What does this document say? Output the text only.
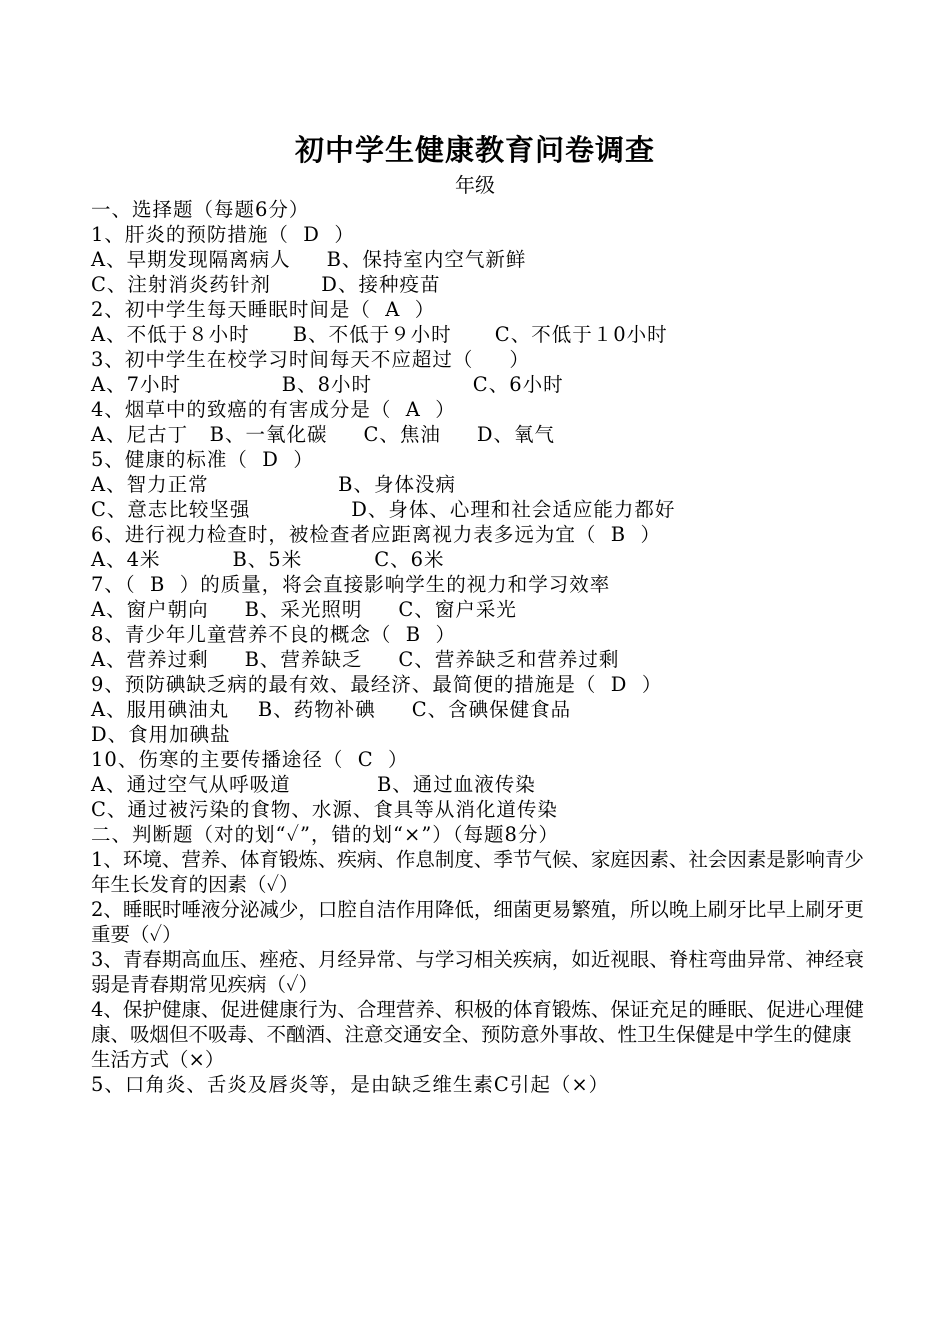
初中学生健康教育问卷调查
年级
一、选择题（每题6分）
1、肝炎的预防措施（  D  ）
A、早期发现隔离病人     B、保持室内空气新鲜
C、注射消炎药针剂       D、接种疫苗
2、初中学生每天睡眠时间是（  A  ）
A、不低于８小时      B、不低于９小时      C、不低于１0小时
3、初中学生在校学习时间每天不应超过（     ）
A、7小时              B、8小时              C、6小时
4、烟草中的致癌的有害成分是（  A  ）
A、尼古丁   B、一氧化碳     C、焦油     D、氧气
5、健康的标准（  D  ）
A、智力正常                  B、身体没病
C、意志比较坚强              D、身体、心理和社会适应能力都好
6、进行视力检查时，被检查者应距离视力表多远为宜（  B  ）
A、4米          B、5米          C、6米
7、（  B  ）的质量，将会直接影响学生的视力和学习效率
A、窗户朝向     B、采光照明     C、窗户采光
8、青少年儿童营养不良的概念（  B  ）
A、营养过剩     B、营养缺乏     C、营养缺乏和营养过剩
9、预防碘缺乏病的最有效、最经济、最简便的措施是（  D  ）
A、服用碘油丸    B、药物补碘     C、含碘保健食品
D、食用加碘盐
10、伤寒的主要传播途径（  C  ）
A、通过空气从呼吸道            B、通过血液传染
C、通过被污染的食物、水源、食具等从消化道传染
二、判断题（对的划“✓”，错的划“×”）（每题8分）
1、环境、营养、体育锻炼、疾病、作息制度、季节气候、家庭因素、社会因素是影响青少年生长发育的因素（✓）
2、睡眠时唾液分泌减少，口腔自洁作用降低，细菌更易繁殖，所以晚上刷牙比早上刷牙更重要（✓）
3、青春期高血压、痤疮、月经异常、与学习相关疾病，如近视眼、脊柱弯曲异常、神经衰弱是青春期常见疾病（✓）
4、保护健康、促进健康行为、合理营养、积极的体育锻炼、保证充足的睡眠、促进心理健康、吸烟但不吸毒、不酗酒、注意交通安全、预防意外事故、性卫生保健是中学生的健康生活方式（×）
5、口角炎、舌炎及唇炎等，是由缺乏维生素C引起（×）
